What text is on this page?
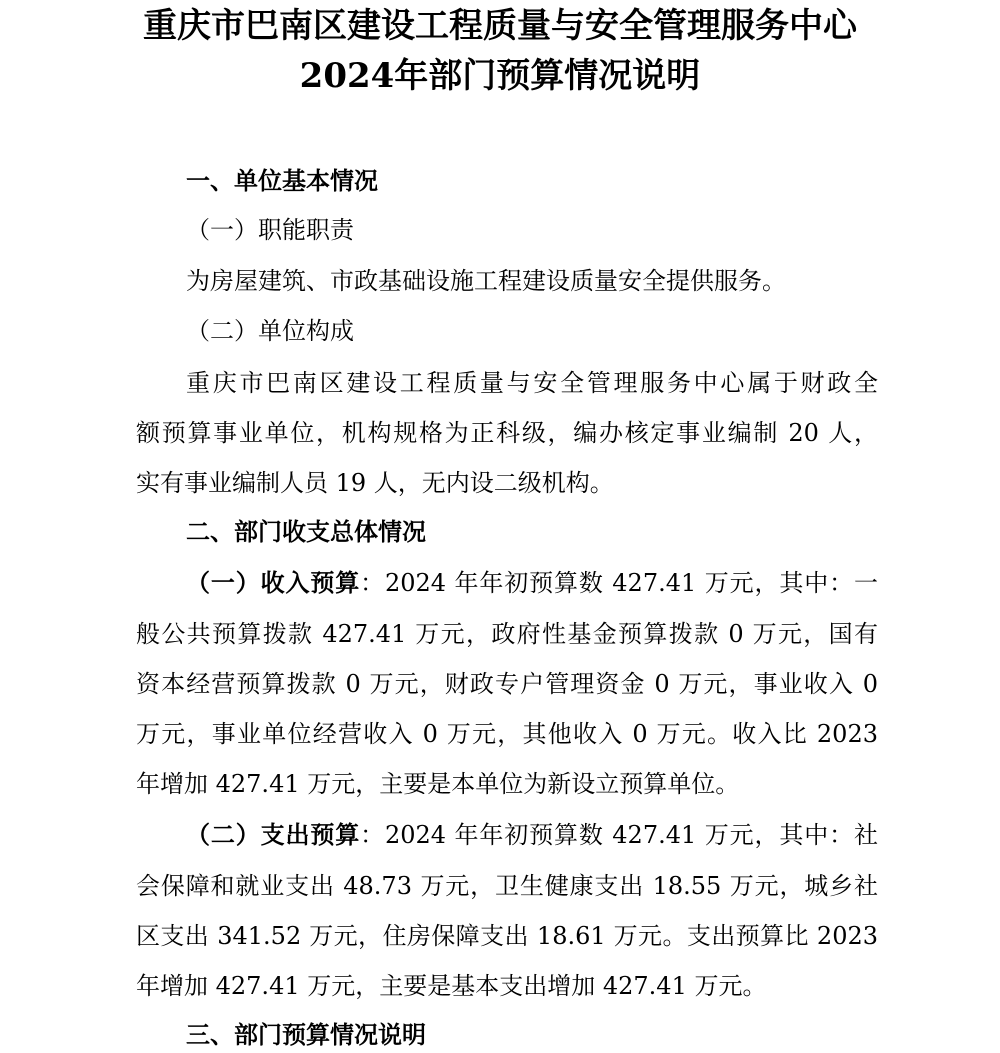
重庆市巴南区建设工程质量与安全管理服务中心
2024年部门预算情况说明
一、单位基本情况
（一）职能职责
为房屋建筑、市政基础设施工程建设质量安全提供服务。
（二）单位构成
重庆市巴南区建设工程质量与安全管理服务中心属于财政全
额预算事业单位，机构规格为正科级，编办核定事业编制 20 人，
实有事业编制人员 19 人，无内设二级机构。
二、部门收支总体情况
（一）收入预算：2024 年年初预算数 427.41 万元，其中：一
般公共预算拨款 427.41 万元，政府性基金预算拨款 0 万元，国有
资本经营预算拨款 0 万元，财政专户管理资金 0 万元，事业收入 0
万元，事业单位经营收入 0 万元，其他收入 0 万元。收入比 2023
年增加 427.41 万元，主要是本单位为新设立预算单位。
（二）支出预算：2024 年年初预算数 427.41 万元，其中：社
会保障和就业支出 48.73 万元，卫生健康支出 18.55 万元，城乡社
区支出 341.52 万元，住房保障支出 18.61 万元。支出预算比 2023
年增加 427.41 万元，主要是基本支出增加 427.41 万元。
三、部门预算情况说明
